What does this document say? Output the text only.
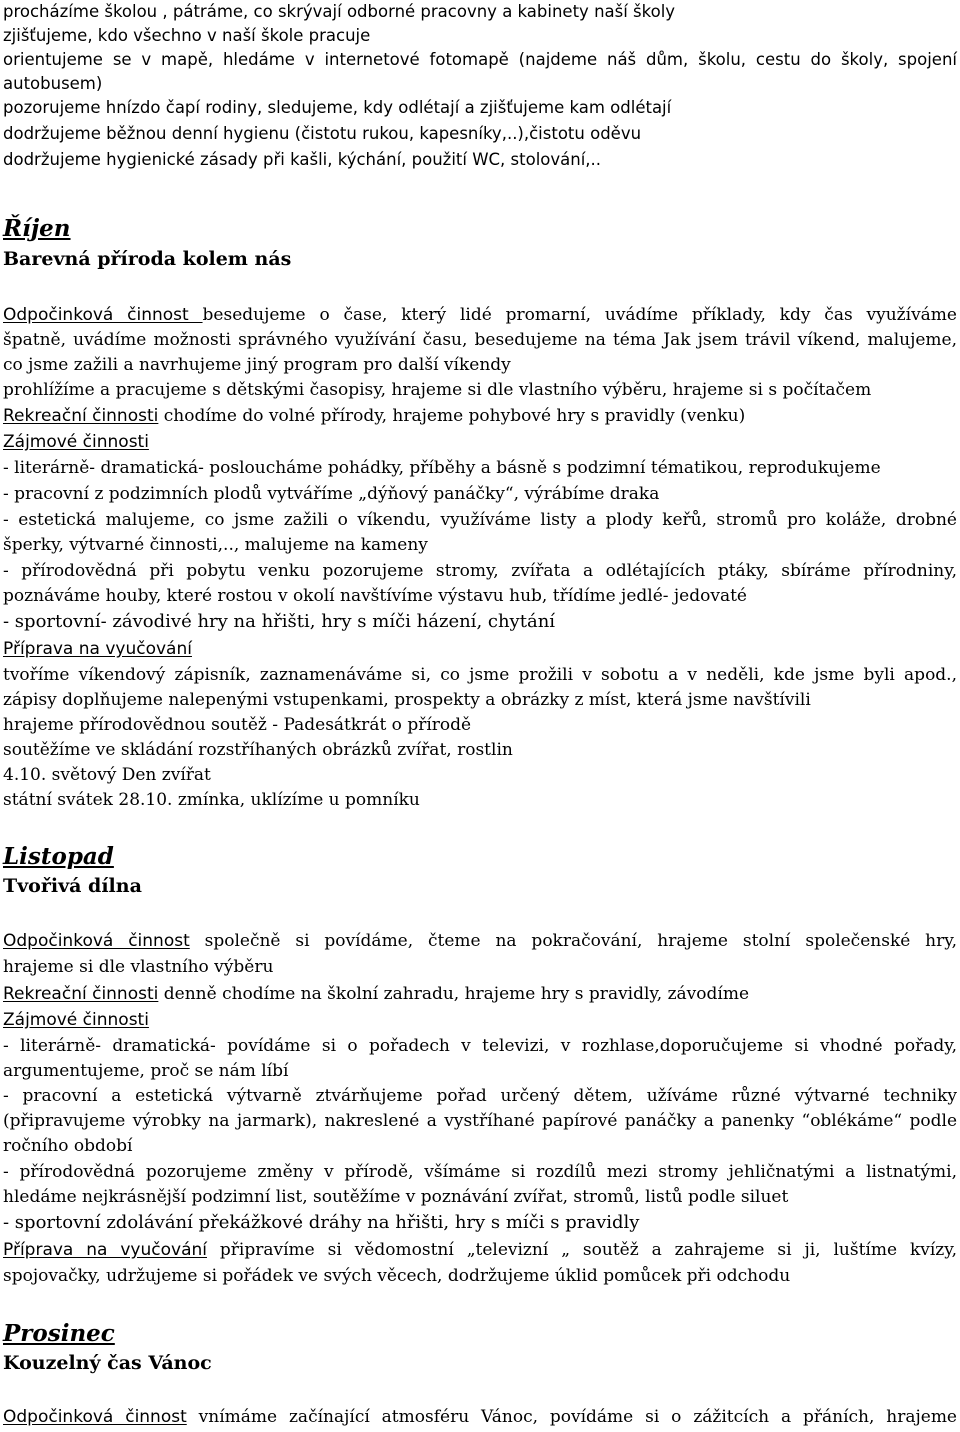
procházíme školou , pátráme, co skrývají odborné pracovny a kabinety naší školy
zjišťujeme, kdo všechno v naší škole pracuje
orientujeme se v mapě, hledáme v internetové fotomapě (najdeme náš dům, školu, cestu do školy, spojení
autobusem)
pozorujeme hnízdo čapí rodiny, sledujeme, kdy odlétají a zjišťujeme kam odlétají
dodržujeme běžnou denní hygienu (čistotu rukou, kapesníky,..),čistotu oděvu
dodržujeme hygienické zásady při kašli, kýchání, použití WC, stolování,..
Říjen
Barevná příroda kolem nás
Odpočinková činnost besedujeme o čase, který lidé promarní, uvádíme příklady, kdy čas využíváme
špatně, uvádíme možnosti správného využívání času, besedujeme na téma Jak jsem trávil víkend, malujeme,
co jsme zažili a navrhujeme jiný program pro další víkendy
prohlížíme a pracujeme s dětskými časopisy, hrajeme si dle vlastního výběru, hrajeme si s počítačem
Rekreační činnosti chodíme do volné přírody, hrajeme pohybové hry s pravidly (venku)
Zájmové činnosti
- literárně- dramatická- posloucháme pohádky, příběhy a básně s podzimní tématikou, reprodukujeme
- pracovní z podzimních plodů vytváříme „dýňový panáčky“, výrábíme draka
- estetická malujeme, co jsme zažili o víkendu, využíváme listy a plody keřů, stromů pro koláže, drobné
šperky, výtvarné činnosti,.., malujeme na kameny
- přírodovědná při pobytu venku pozorujeme stromy, zvířata a odlétajících ptáky, sbíráme přírodniny,
poznáváme houby, které rostou v okolí navštívíme výstavu hub, třídíme jedlé- jedovaté
- sportovní- závodivé hry na hřišti, hry s míči házení, chytání
Příprava na vyučování
tvoříme víkendový zápisník, zaznamenáváme si, co jsme prožili v sobotu a v neděli, kde jsme byli apod.,
zápisy doplňujeme nalepenými vstupenkami, prospekty a obrázky z míst, která jsme navštívili
hrajeme přírodovědnou soutěž - Padesátkrát o přírodě
soutěžíme ve skládání rozstříhaných obrázků zvířat, rostlin
4.10. světový Den zvířat
státní svátek 28.10. zmínka, uklízíme u pomníku
Listopad
Tvořivá dílna
Odpočinková činnost společně si povídáme, čteme na pokračování, hrajeme stolní společenské hry,
hrajeme si dle vlastního výběru
Rekreační činnosti denně chodíme na školní zahradu, hrajeme hry s pravidly, závodíme
Zájmové činnosti
- literárně- dramatická- povídáme si o pořadech v televizi, v rozhlase,doporučujeme si vhodné pořady,
argumentujeme, proč se nám líbí
- pracovní a estetická výtvarně ztvárňujeme pořad určený dětem, užíváme různé výtvarné techniky
(připravujeme výrobky na jarmark), nakreslené a vystříhané papírové panáčky a panenky “oblékáme“ podle
ročního období
- přírodovědná pozorujeme změny v přírodě, všímáme si rozdílů mezi stromy jehličnatými a listnatými,
hledáme nejkrásnější podzimní list, soutěžíme v poznávání zvířat, stromů, listů podle siluet
- sportovní zdolávání překážkové dráhy na hřišti, hry s míči s pravidly
Příprava na vyučování připravíme si vědomostní „televizní „ soutěž a zahrajeme si ji, luštíme kvízy,
spojovačky, udržujeme si pořádek ve svých věcech, dodržujeme úklid pomůcek při odchodu
Prosinec
Kouzelný čas Vánoc
Odpočinková činnost vnímáme začínající atmosféru Vánoc, povídáme si o zážitcích a přáních, hrajeme
